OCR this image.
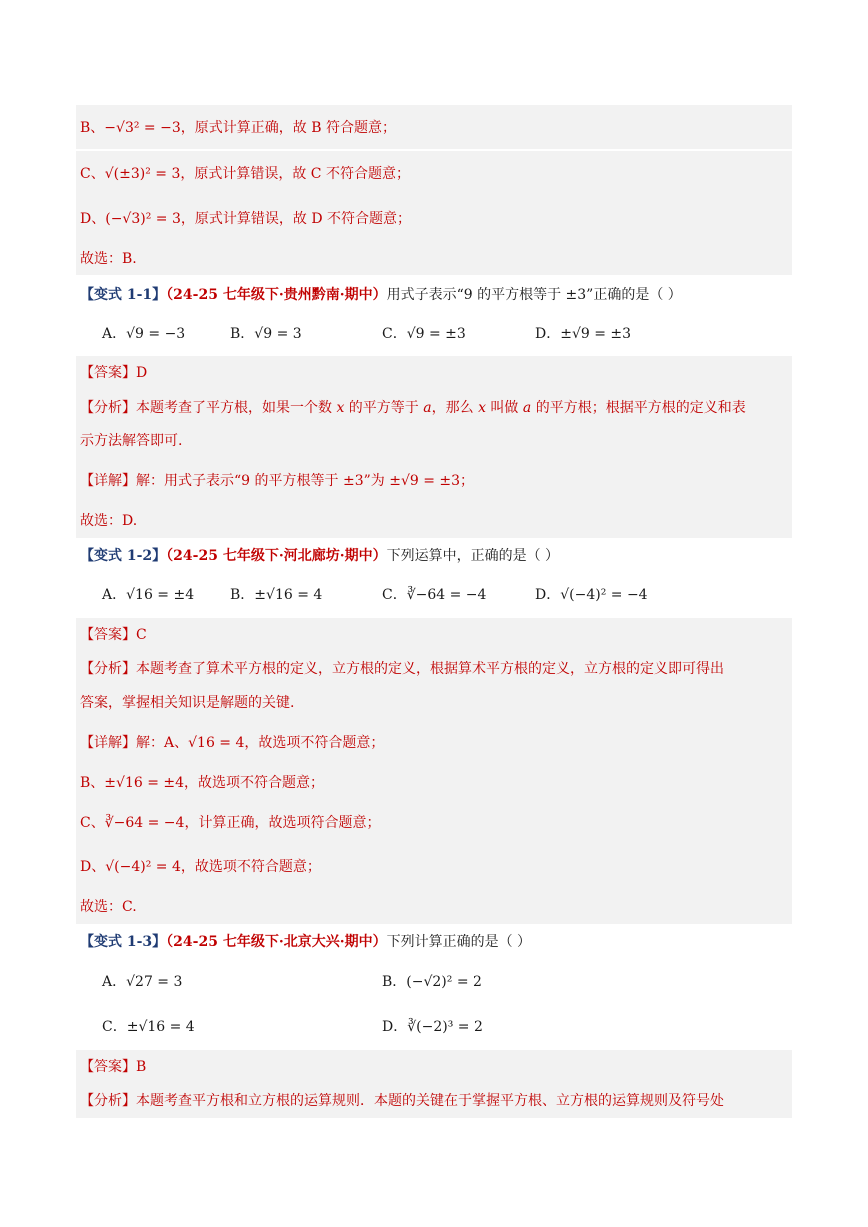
B、−√3² = −3，原式计算正确，故 B 符合题意；
C、√(±3)² = 3，原式计算错误，故 C 不符合题意；
D、(−√3)² = 3，原式计算错误，故 D 不符合题意；
故选：B.
【变式 1-1】（24-25 七年级下·贵州黔南·期中）用式子表示“9 的平方根等于 ±3”正确的是（ ）
A．√9 = −3	B．√9 = 3	C．√9 = ±3	D．±√9 = ±3
【答案】D
【分析】本题考查了平方根，如果一个数 x 的平方等于 a，那么 x 叫做 a 的平方根；根据平方根的定义和表
示方法解答即可.
【详解】解：用式子表示“9 的平方根等于 ±3”为 ±√9 = ±3；
故选：D.
【变式 1-2】（24-25 七年级下·河北廊坊·期中）下列运算中，正确的是（ ）
A．√16 = ±4	B．±√16 = 4	C．∛−64 = −4	D．√(−4)² = −4
【答案】C
【分析】本题考查了算术平方根的定义，立方根的定义，根据算术平方根的定义，立方根的定义即可得出
答案，掌握相关知识是解题的关键.
【详解】解：A、√16 = 4，故选项不符合题意；
B、±√16 = ±4，故选项不符合题意；
C、∛−64 = −4，计算正确，故选项符合题意；
D、√(−4)² = 4，故选项不符合题意；
故选：C.
【变式 1-3】（24-25 七年级下·北京大兴·期中）下列计算正确的是（ ）
A．√27 = 3	B．(−√2)² = 2
C．±√16 = 4	D．∛(−2)³ = 2
【答案】B
【分析】本题考查平方根和立方根的运算规则．本题的关键在于掌握平方根、立方根的运算规则及符号处
